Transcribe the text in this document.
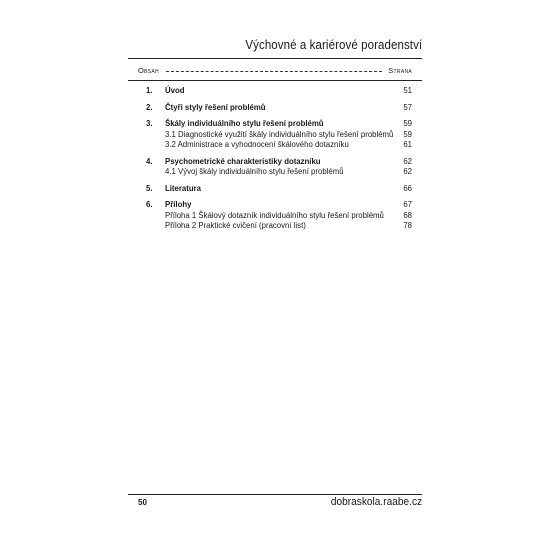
Výchovné a kariérové poradenství
Obsah	Strana
1. Úvod	51
2. Čtyři styly řešení problémů	57
3. Škály individuálního stylu řešení problémů	59
3.1 Diagnostické využití škály individuálního stylu řešení problémů 59
3.2 Administrace a vyhodnocení škálového dotazníku	61
4. Psychometrické charakteristiky dotazníku	62
4.1 Vývoj škály individuálního stylu řešení problémů	62
5. Literatura	66
6. Přílohy	67
Příloha 1 Škálový dotazník individuálního stylu řešení problémů 68
Příloha 2 Praktické cvičení (pracovní list)	78
50	dobraskola.raabe.cz
